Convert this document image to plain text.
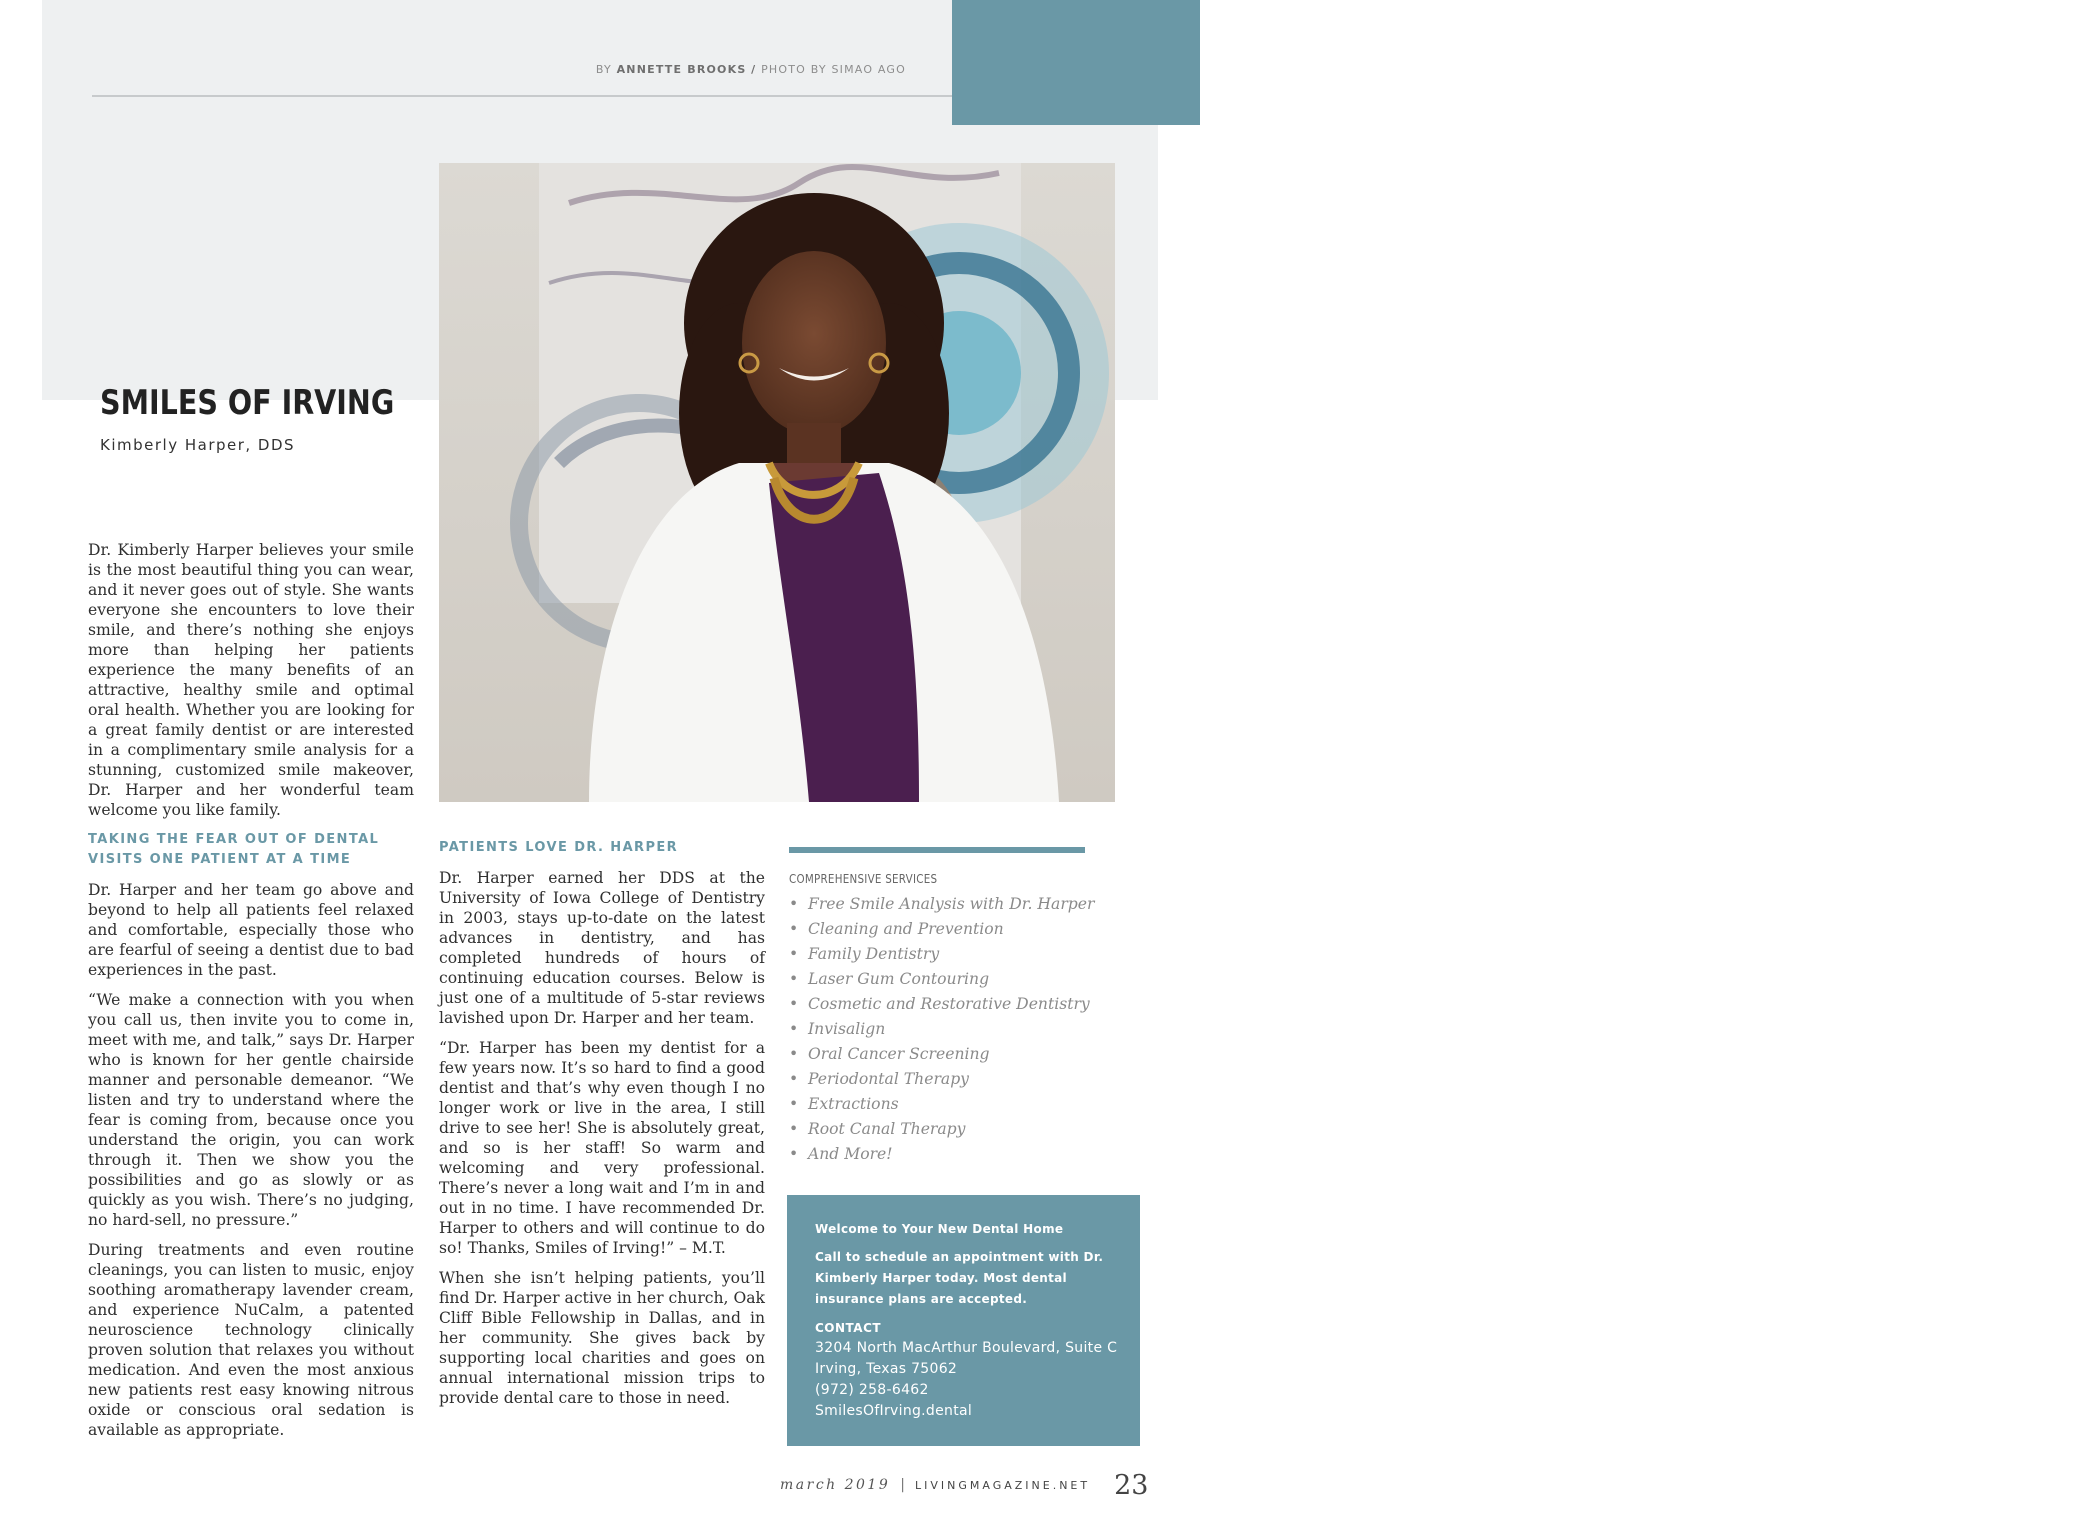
BY ANNETTE BROOKS / PHOTO BY SIMAO AGO
top
DOCS
SMILES OF IRVING
Kimberly Harper, DDS

Dr. Kimberly Harper believes your smile is the most beautiful thing you can wear, and it never goes out of style. She wants everyone she encounters to love their smile, and there’s nothing she enjoys more than helping her patients experience the many benefits of an attractive, healthy smile and optimal oral health. Whether you are looking for a great family dentist or are interested in a complimentary smile analysis for a stunning, customized smile makeover, Dr. Harper and her wonderful team welcome you like family.

TAKING THE FEAR OUT OF DENTAL VISITS ONE PATIENT AT A TIME

Dr. Harper and her team go above and beyond to help all patients feel relaxed and comfortable, especially those who are fearful of seeing a dentist due to bad experiences in the past.

“We make a connection with you when you call us, then invite you to come in, meet with me, and talk,” says Dr. Harper who is known for her gentle chairside manner and personable demeanor. “We listen and try to understand where the fear is coming from, because once you understand the origin, you can work through it. Then we show you the possibilities and go as slowly or as quickly as you wish. There’s no judging, no hard-sell, no pressure.”

During treatments and even routine cleanings, you can listen to music, enjoy soothing aromatherapy lavender cream, and experience NuCalm, a patented neuroscience technology clinically proven solution that relaxes you without medication. And even the most anxious new patients rest easy knowing nitrous oxide or conscious oral sedation is available as appropriate.

PATIENTS LOVE DR. HARPER

Dr. Harper earned her DDS at the University of Iowa College of Dentistry in 2003, stays up-to-date on the latest advances in dentistry, and has completed hundreds of hours of continuing education courses. Below is just one of a multitude of 5-star reviews lavished upon Dr. Harper and her team.

“Dr. Harper has been my dentist for a few years now. It’s so hard to find a good dentist and that’s why even though I no longer work or live in the area, I still drive to see her! She is absolutely great, and so is her staff! So warm and welcoming and very professional. There’s never a long wait and I’m in and out in no time. I have recommended Dr. Harper to others and will continue to do so! Thanks, Smiles of Irving!” – M.T.

When she isn’t helping patients, you’ll find Dr. Harper active in her church, Oak Cliff Bible Fellowship in Dallas, and in her community. She gives back by supporting local charities and goes on annual international mission trips to provide dental care to those in need.

COMPREHENSIVE SERVICES
• Free Smile Analysis with Dr. Harper
• Cleaning and Prevention
• Family Dentistry
• Laser Gum Contouring
• Cosmetic and Restorative Dentistry
• Invisalign
• Oral Cancer Screening
• Periodontal Therapy
• Extractions
• Root Canal Therapy
• And More!
Welcome to Your New Dental Home
Call to schedule an appointment with Dr. Kimberly Harper today. Most dental insurance plans are accepted.
CONTACT
3204 North MacArthur Boulevard, Suite C
Irving, Texas 75062
(972) 258-6462
SmilesOfIrving.dental
march 2019 | LIVINGMAGAZINE.NET 23
